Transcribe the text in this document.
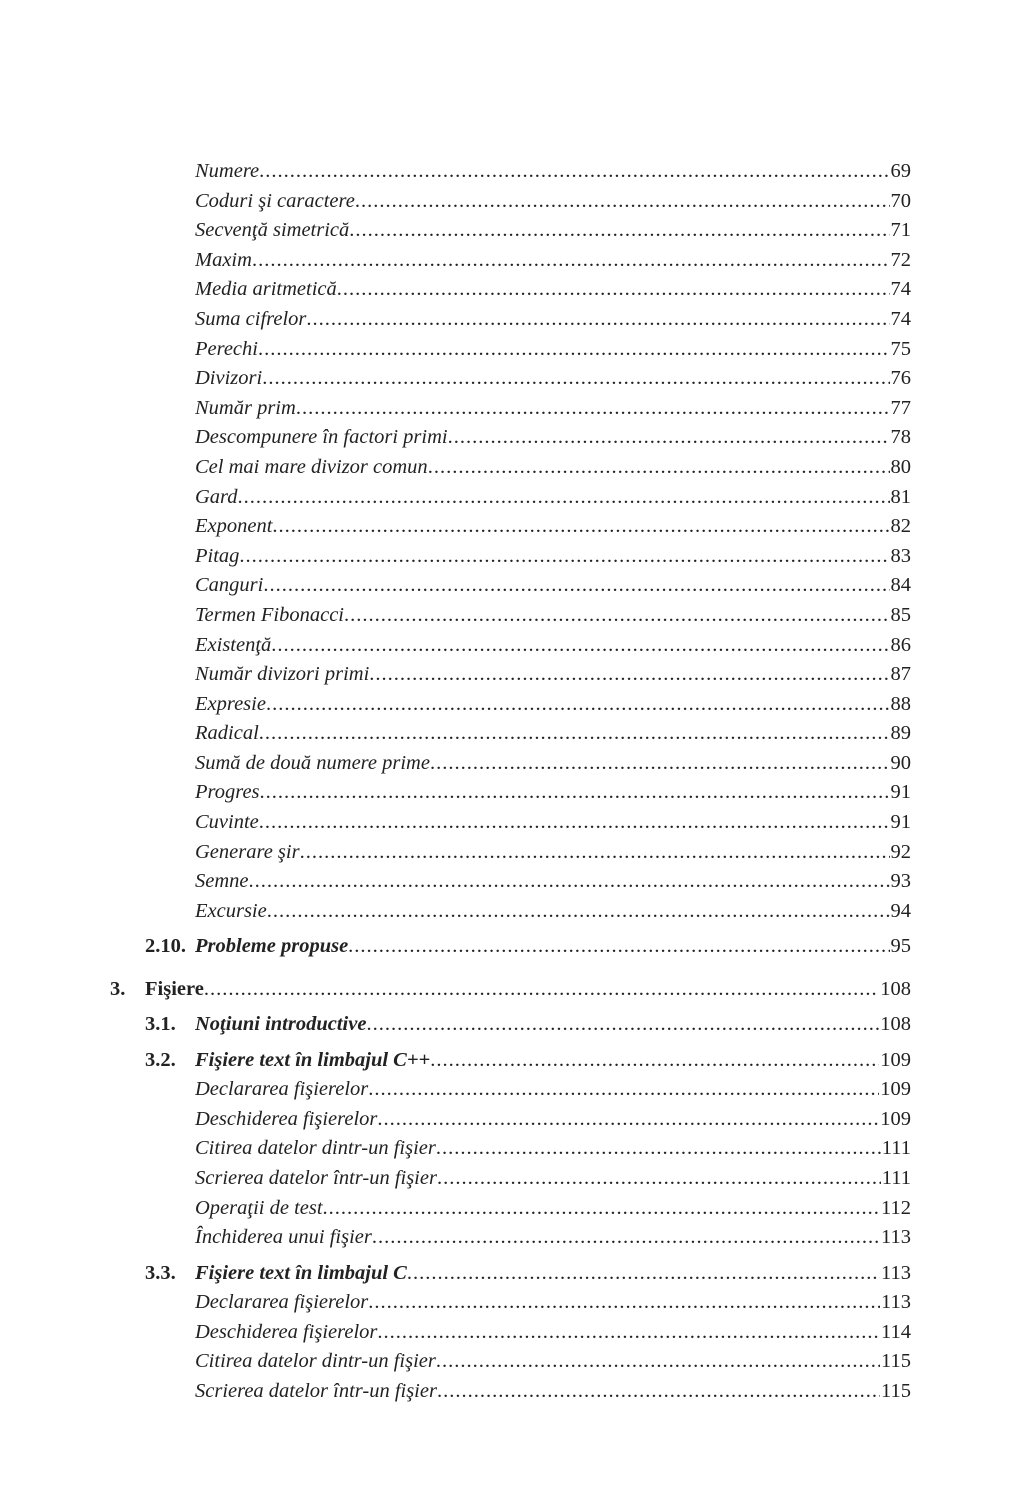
Numere .....	69
Coduri şi caractere .....	70
Secvenţă simetrică .....	71
Maxim .....	72
Media aritmetică .....	74
Suma cifrelor .....	74
Perechi .....	75
Divizori .....	76
Număr prim .....	77
Descompunere în factori primi .....	78
Cel mai mare divizor comun .....	80
Gard .....	81
Exponent .....	82
Pitag .....	83
Canguri .....	84
Termen Fibonacci .....	85
Existenţă .....	86
Număr divizori primi .....	87
Expresie .....	88
Radical .....	89
Sumă de două numere prime .....	90
Progres .....	91
Cuvinte .....	91
Generare şir .....	92
Semne .....	93
Excursie .....	94
2.10. Probleme propuse .....	95
3. Fişiere .....	108
3.1. Noţiuni introductive .....	108
3.2. Fişiere text în limbajul C++ .....	109
Declararea fişierelor .....	109
Deschiderea fişierelor .....	109
Citirea datelor dintr-un fişier .....	111
Scrierea datelor într-un fişier .....	111
Operaţii de test .....	112
Închiderea unui fişier .....	113
3.3. Fişiere text în limbajul C .....	113
Declararea fişierelor .....	113
Deschiderea fişierelor .....	114
Citirea datelor dintr-un fişier .....	115
Scrierea datelor într-un fişier .....	115
